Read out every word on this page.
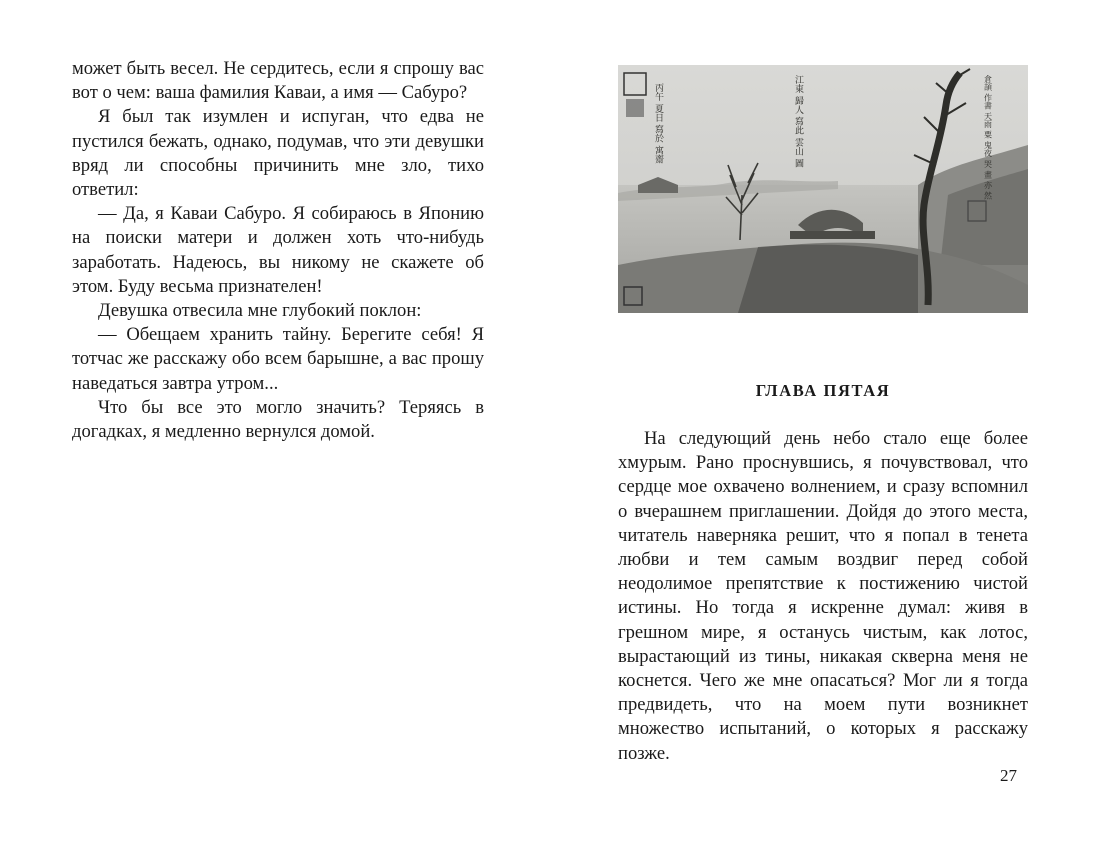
может быть весел. Не сердитесь, если я спрошу вас вот о чем: ваша фамилия Каваи, а имя — Сабуро?

Я был так изумлен и испуган, что едва не пустился бежать, однако, подумав, что эти девушки вряд ли способны причинить мне зло, тихо ответил:

— Да, я Каваи Сабуро. Я собираюсь в Японию на поиски матери и должен хоть что-нибудь заработать. Надеюсь, вы никому не скажете об этом. Буду весьма признателен!

Девушка отвесила мне глубокий поклон:

— Обещаем хранить тайну. Берегите себя! Я тотчас же расскажу обо всем барышне, а вас прошу наведаться завтра утром...

Что бы все это могло значить? Теряясь в догадках, я медленно вернулся домой.

丙午 夏日 寫於 寓齋	江東 歸人 寫此 雲山 圖	倉頡 作書 天雨 粟 鬼夜 哭 畫 亦 然
ГЛАВА ПЯТАЯ

На следующий день небо стало еще более хмурым. Рано проснувшись, я почувствовал, что сердце мое охвачено волнением, и сразу вспомнил о вчерашнем приглашении. Дойдя до этого места, читатель наверняка решит, что я попал в тенета любви и тем самым воздвиг перед собой неодолимое препятствие к постижению чистой истины. Но тогда я искренне думал: живя в грешном мире, я останусь чистым, как лотос, вырастающий из тины, никакая скверна меня не коснется. Чего же мне опасаться? Мог ли я тогда предвидеть, что на моем пути возникнет множество испытаний, о которых я расскажу позже.

27
